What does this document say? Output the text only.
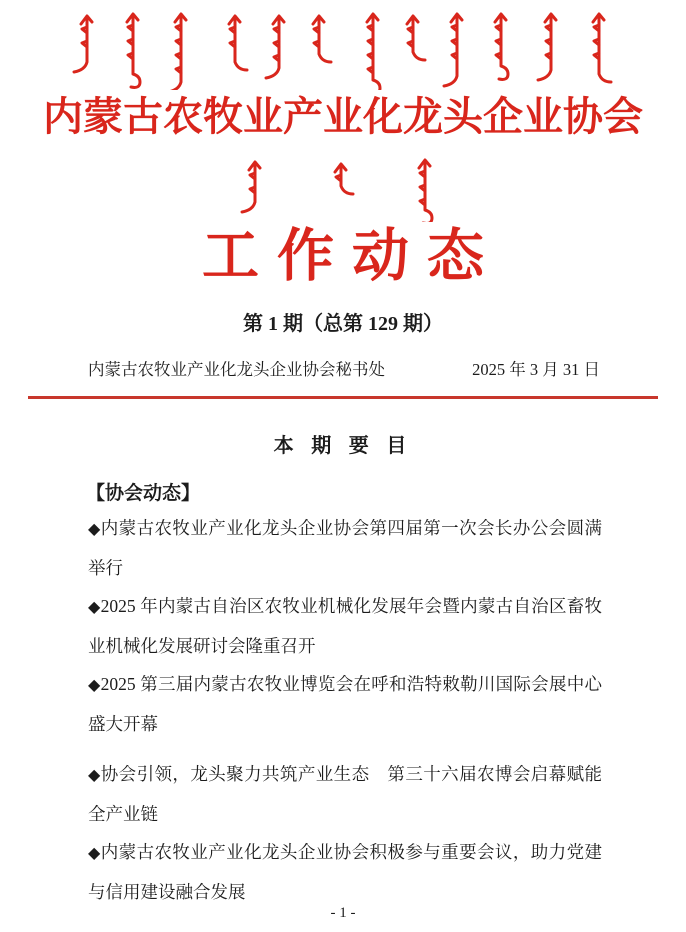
内蒙古农牧业产业化龙头企业协会
工作动态
第 1 期（总第 129 期）
内蒙古农牧业产业化龙头企业协会秘书处	2025 年 3 月 31 日
本 期 要 目
【协会动态】

◆内蒙古农牧业产业化龙头企业协会第四届第一次会长办公会圆满举行

◆2025 年内蒙古自治区农牧业机械化发展年会暨内蒙古自治区畜牧业机械化发展研讨会隆重召开

◆2025 第三届内蒙古农牧业博览会在呼和浩特敕勒川国际会展中心盛大开幕

◆协会引领，龙头聚力共筑产业生态　第三十六届农博会启幕赋能全产业链

◆内蒙古农牧业产业化龙头企业协会积极参与重要会议，助力党建与信用建设融合发展

- 1 -
